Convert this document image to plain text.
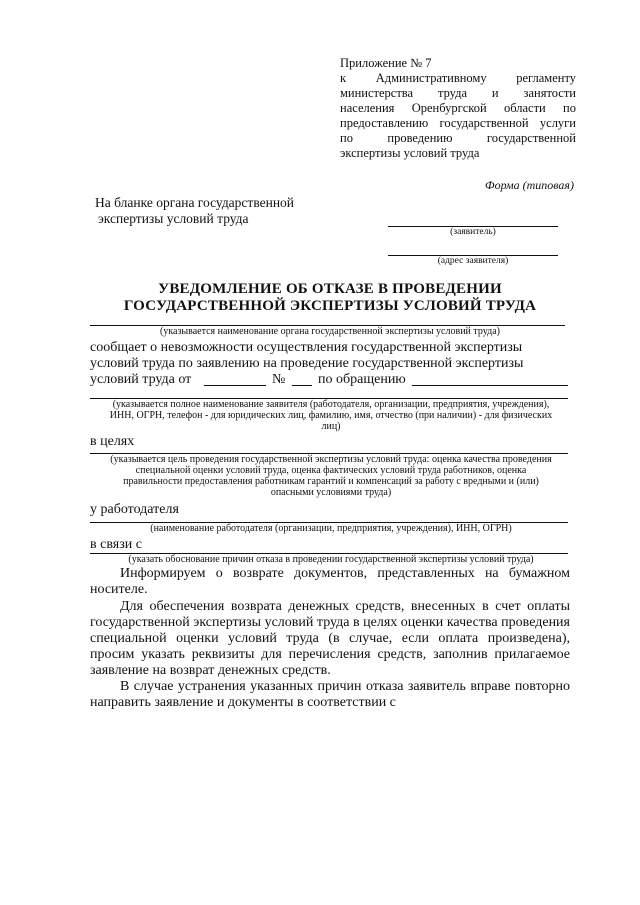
Приложение № 7
к Административному регламенту
министерства труда и занятости
населения Оренбургской области по
предоставлению государственной услуги
по проведению государственной
экспертизы условий труда
Форма (типовая)
На бланке органа государственной
экспертизы условий труда
(заявитель)
(адрес заявителя)
УВЕДОМЛЕНИЕ ОБ ОТКАЗЕ В ПРОВЕДЕНИИ
ГОСУДАРСТВЕННОЙ ЭКСПЕРТИЗЫ УСЛОВИЙ ТРУДА
(указывается наименование органа государственной экспертизы условий труда)
сообщает о невозможности осуществления государственной экспертизы
условий труда по заявлению на проведение государственной экспертизы
условий труда от	№ по обращению
(указывается полное наименование заявителя (работодателя, организации, предприятия, учреждения),
ИНН, ОГРН, телефон - для юридических лиц, фамилию, имя, отчество (при наличии) - для физических
лиц)
в целях
(указывается цель проведения государственной экспертизы условий труда: оценка качества проведения
специальной оценки условий труда, оценка фактических условий труда работников, оценка
правильности предоставления работникам гарантий и компенсаций за работу с вредными и (или)
опасными условиями труда)
у работодателя
(наименование работодателя (организации, предприятия, учреждения), ИНН, ОГРН)
в связи с
(указать обоснование причин отказа в проведении государственной экспертизы условий труда)
Информируем о возврате документов, представленных на бумажном носителе.
Для обеспечения возврата денежных средств, внесенных в счет оплаты государственной экспертизы условий труда в целях оценки качества проведения специальной оценки условий труда (в случае, если оплата произведена), просим указать реквизиты для перечисления средств, заполнив прилагаемое заявление на возврат денежных средств.
В случае устранения указанных причин отказа заявитель вправе повторно направить заявление и документы в соответствии с
